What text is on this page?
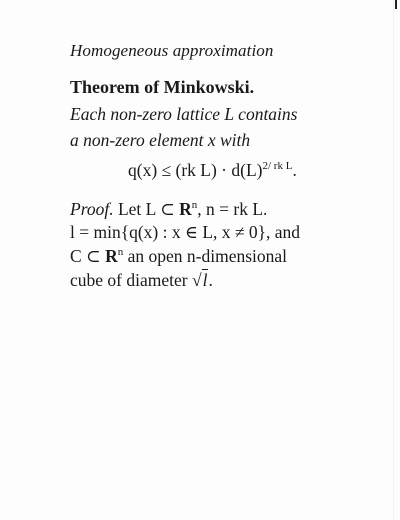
Homogeneous approximation
Theorem of Minkowski.
Each non-zero lattice L contains
a non-zero element x with
q(x) ≤ (rk $L) \cdot d(L)^{2/ rk L}$.
Proof. Let L ⊂ $R^n$, n = rk L.
l = min{q(x) : x ∈ L, x ≠ 0}, and
C ⊂ $R^n$ an open n-dimensional
cube of diameter √l.
